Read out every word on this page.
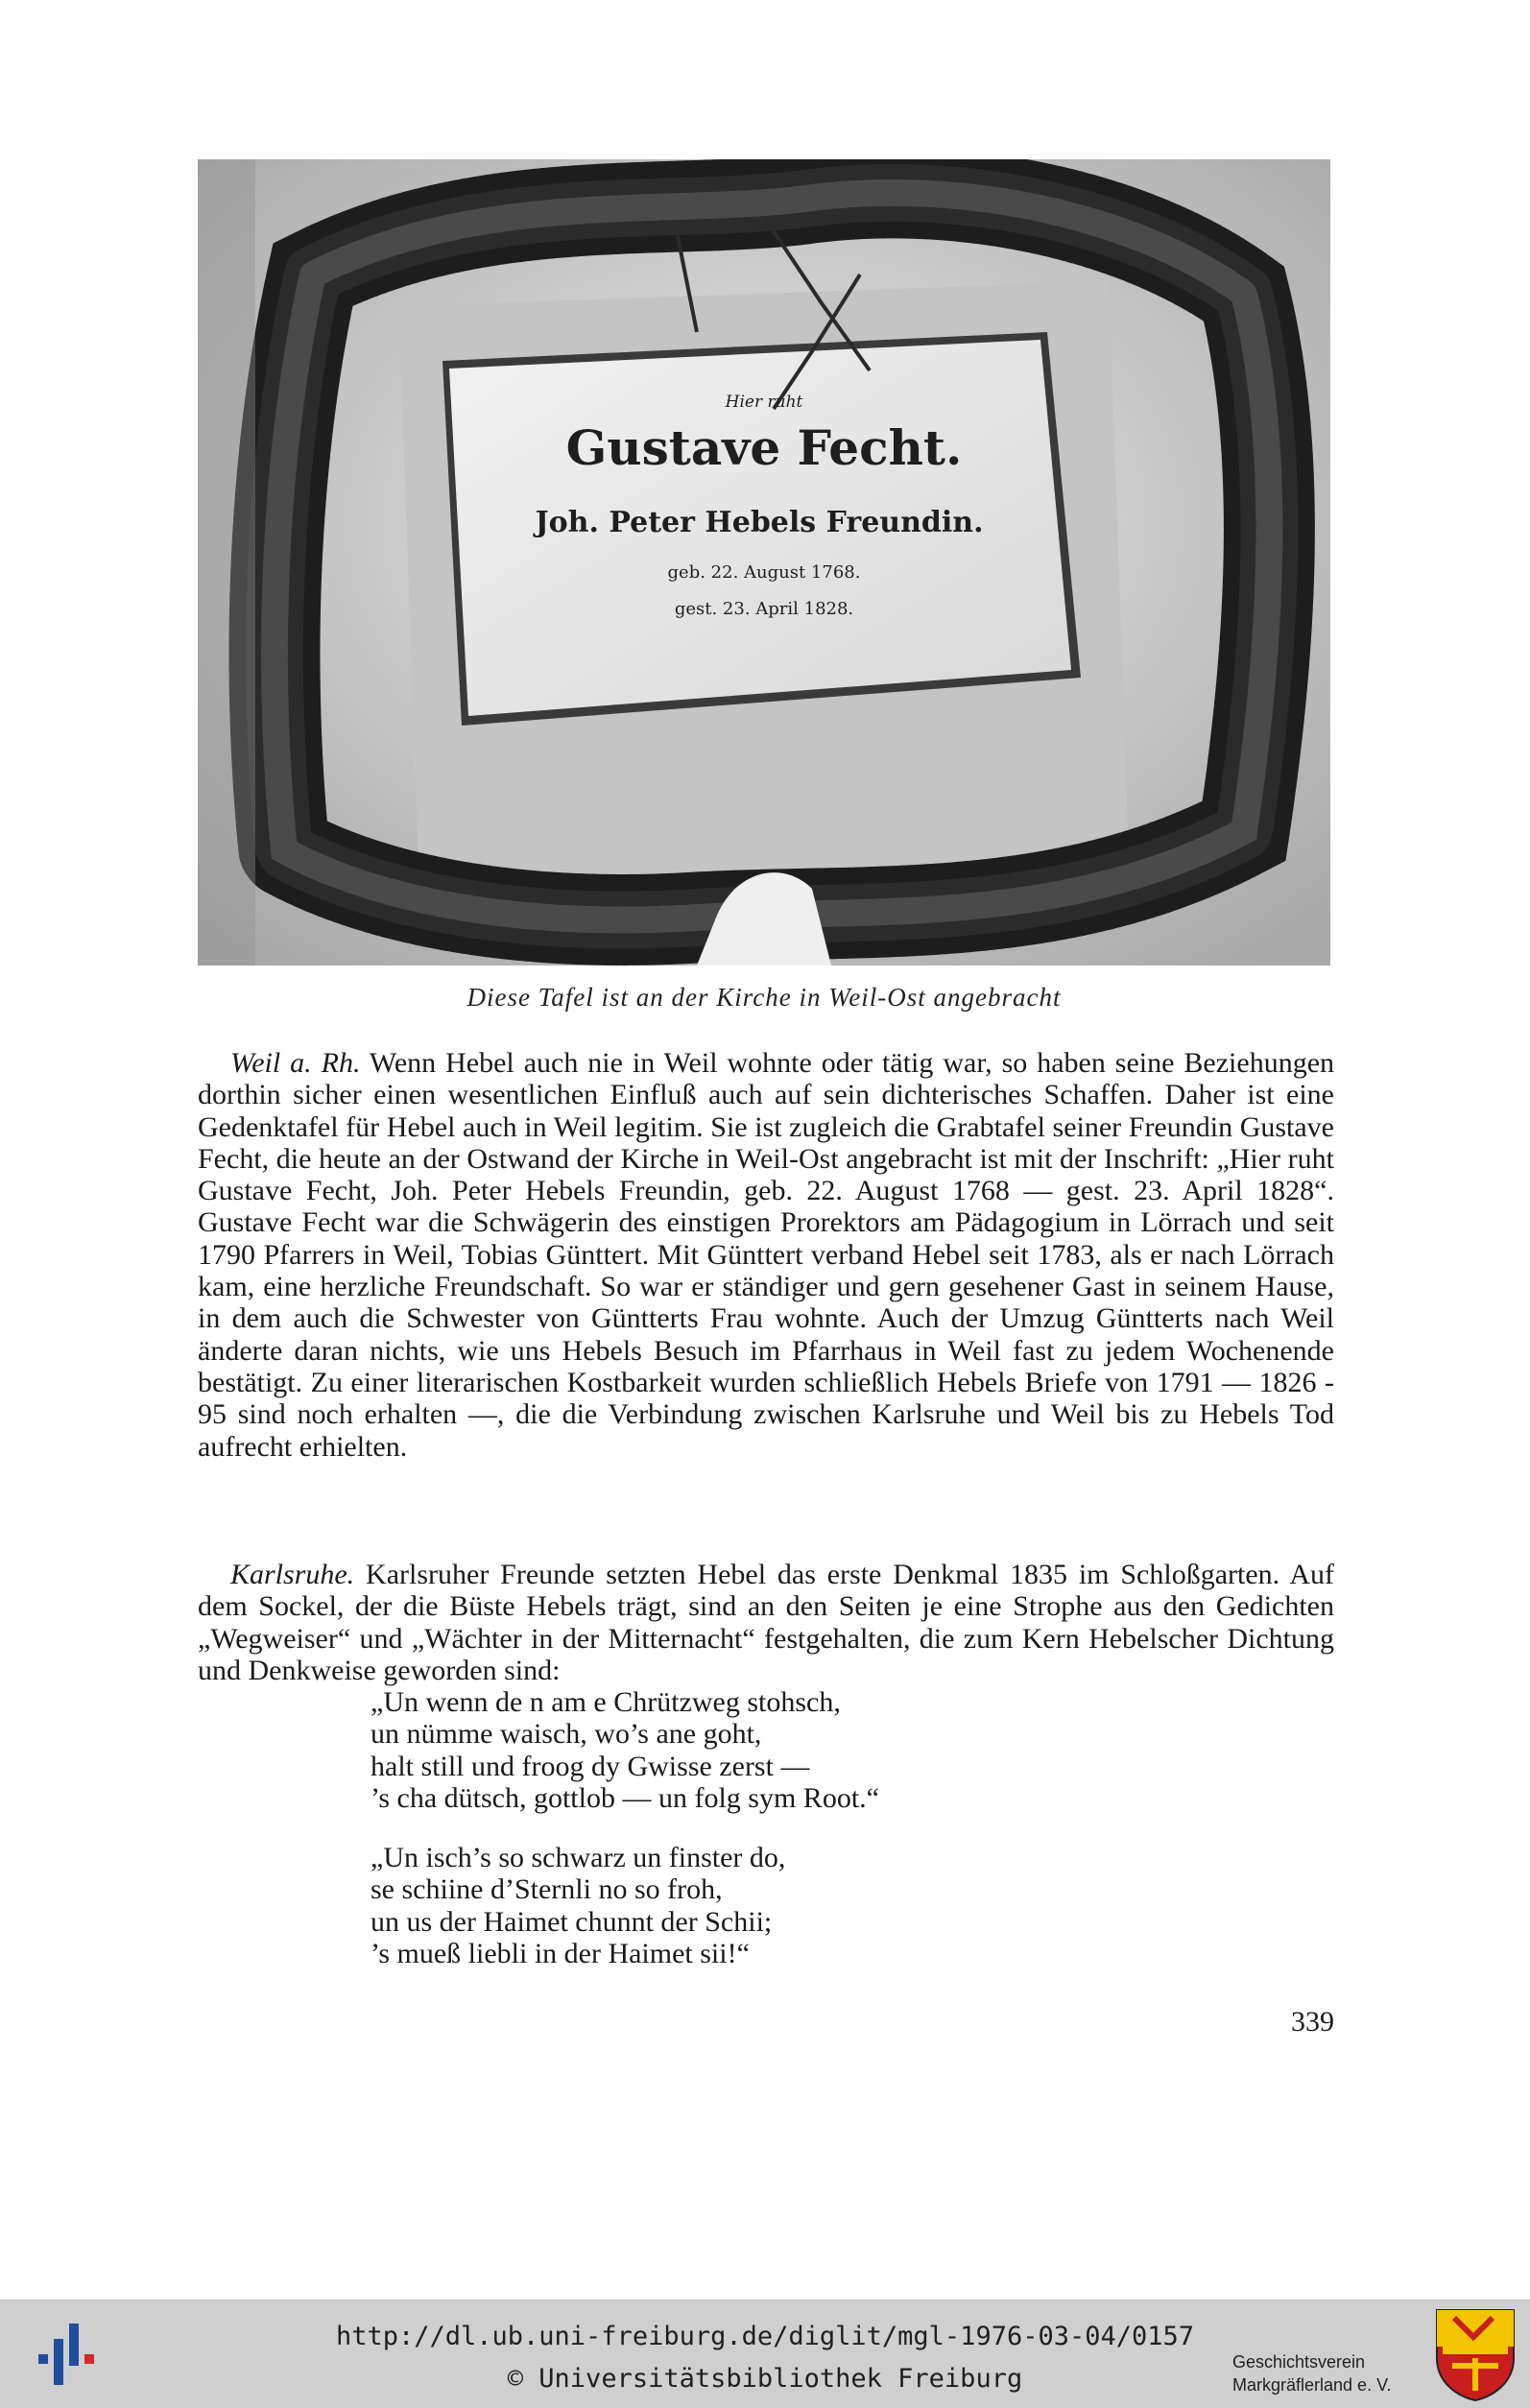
Hier ruht
Gustave Fecht.
Joh. Peter Hebels Freundin.
geb. 22. August 1768.
gest. 23. April 1828.
Diese Tafel ist an der Kirche in Weil-Ost angebracht

Weil a. Rh. Wenn Hebel auch nie in Weil wohnte oder tätig war, so haben seine Beziehungen dorthin sicher einen wesentlichen Einfluß auch auf sein dichterisches Schaffen. Daher ist eine Gedenktafel für Hebel auch in Weil legitim. Sie ist zugleich die Grabtafel seiner Freundin Gustave Fecht, die heute an der Ostwand der Kirche in Weil-Ost angebracht ist mit der Inschrift: „Hier ruht Gustave Fecht, Joh. Peter Hebels Freundin, geb. 22. August 1768 — gest. 23. April 1828“. Gustave Fecht war die Schwägerin des einstigen Prorektors am Pädagogium in Lörrach und seit 1790 Pfarrers in Weil, Tobias Günttert. Mit Günttert verband Hebel seit 1783, als er nach Lörrach kam, eine herzliche Freundschaft. So war er ständiger und gern gesehener Gast in seinem Hause, in dem auch die Schwester von Güntterts Frau wohnte. Auch der Umzug Güntterts nach Weil änderte daran nichts, wie uns Hebels Besuch im Pfarrhaus in Weil fast zu jedem Wochenende bestätigt. Zu einer literarischen Kostbarkeit wurden schließlich Hebels Briefe von 1791 — 1826 - 95 sind noch erhalten —, die die Verbindung zwischen Karlsruhe und Weil bis zu Hebels Tod aufrecht erhielten.

Karlsruhe. Karlsruher Freunde setzten Hebel das erste Denkmal 1835 im Schloßgarten. Auf dem Sockel, der die Büste Hebels trägt, sind an den Seiten je eine Strophe aus den Gedichten „Wegweiser“ und „Wächter in der Mitternacht“ festgehalten, die zum Kern Hebelscher Dichtung und Denkweise geworden sind:

„Un wenn de n am e Chrützweg stohsch,
un nümme waisch, wo’s ane goht,
halt still und froog dy Gwisse zerst —
’s cha dütsch, gottlob — un folg sym Root.“
„Un isch’s so schwarz un finster do,
se schiine d’Sternli no so froh,
un us der Haimet chunnt der Schii;
’s mueß liebli in der Haimet sii!“
339
http://dl.ub.uni-freiburg.de/diglit/mgl-1976-03-04/0157
© Universitätsbibliothek Freiburg
Geschichtsverein
Markgräflerland e. V.
